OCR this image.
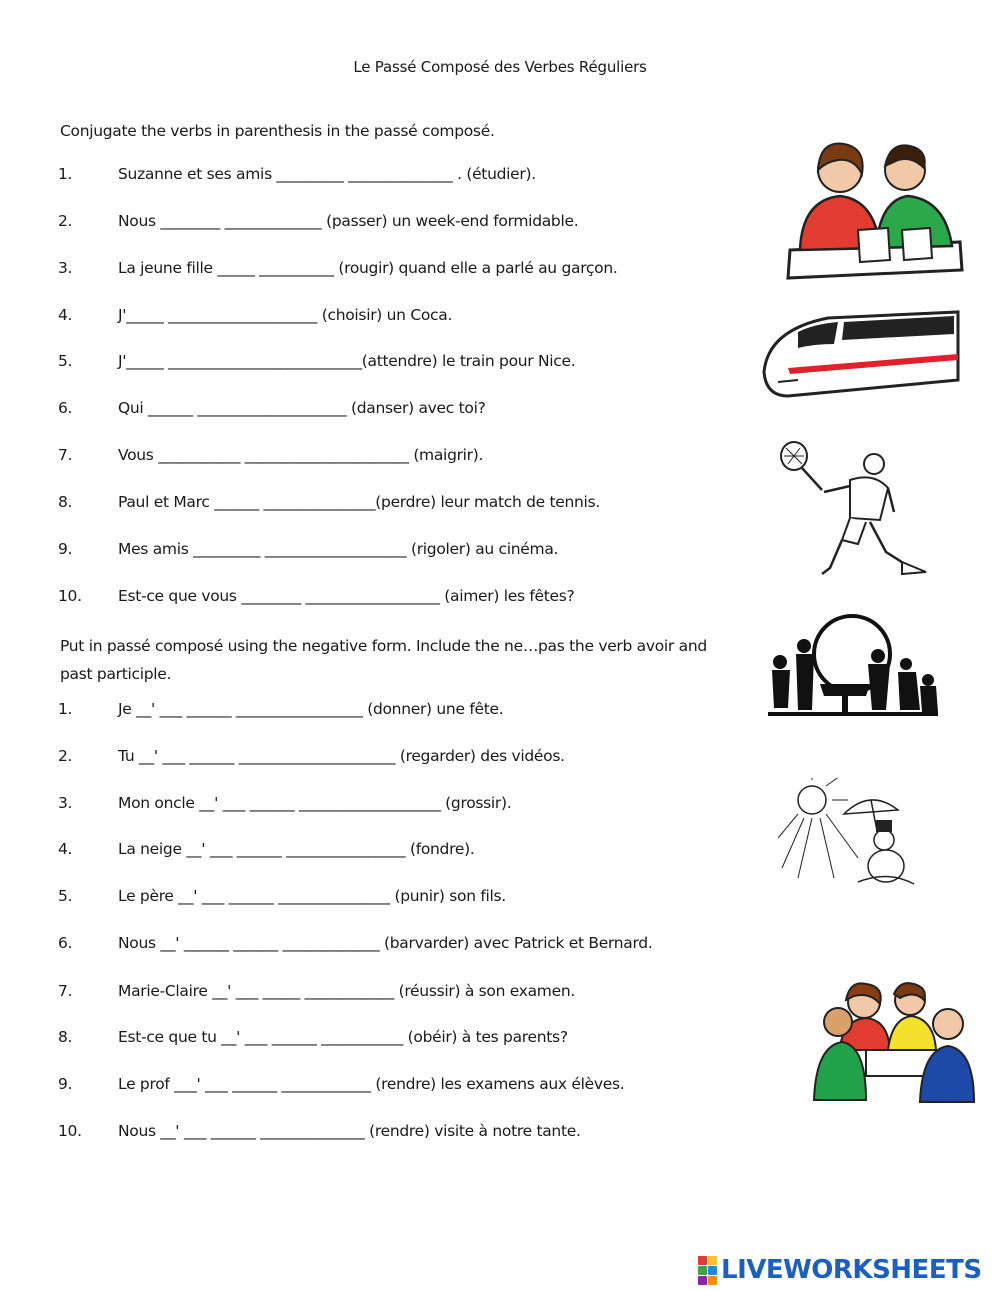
Le Passé Composé des Verbes Réguliers
Conjugate the verbs in parenthesis in the passé composé.
1.	Suzanne et ses amis _________ ______________ . (étudier).
2.	Nous ________ _____________ (passer) un week-end formidable.
3.	La jeune fille _____ __________ (rougir) quand elle a parlé au garçon.
4.	J'_____ ____________________ (choisir) un Coca.
5.	J'_____ __________________________(attendre) le train pour Nice.
6.	Qui ______ ____________________ (danser) avec toi?
7.	Vous ___________ ______________________ (maigrir).
8.	Paul et Marc ______ _______________(perdre) leur match de tennis.
9.	Mes amis _________ ___________________ (rigoler) au cinéma.
10. Est-ce que vous ________ __________________ (aimer) les fêtes?
Put in passé composé using the negative form. Include the ne…pas the verb avoir and past participle.
1.	Je __' ___ ______ _________________ (donner) une fête.
2.	Tu __' ___ ______ _____________________ (regarder) des vidéos.
3.	Mon oncle __' ___ ______ ___________________ (grossir).
4.	La neige __' ___ ______ ________________ (fondre).
5.	Le père __' ___ ______ _______________ (punir) son fils.
6.	Nous __' ______ ______ _____________ (barvarder) avec Patrick et Bernard.
7.	Marie-Claire __' ___ _____ ____________ (réussir) à son examen.
8.	Est-ce que tu __' ___ ______ ___________ (obéir) à tes parents?
9.	Le prof ___' ___ ______ ____________ (rendre) les examens aux élèves.
10. Nous __' ___ ______ ______________ (rendre) visite à notre tante.
LIVEWORKSHEETS
